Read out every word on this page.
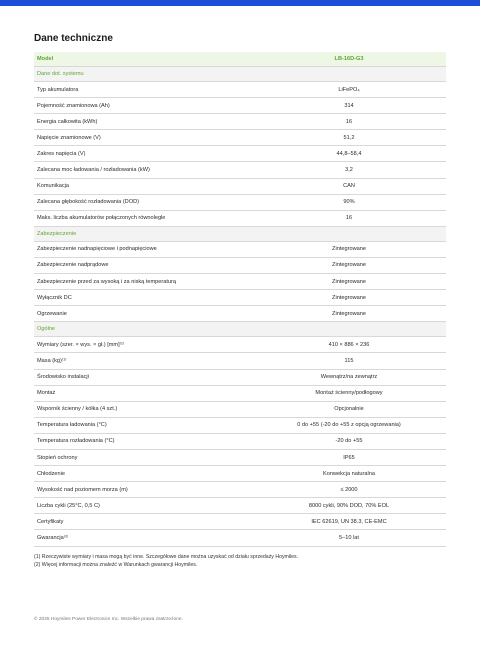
Dane techniczne
Model	LB-16D-G3
Dane dot. systemu	
Typ akumulatora	LiFePO₄
Pojemność znamionowa (Ah)	314
Energia całkowita (kWh)	16
Napięcie znamionowe (V)	51,2
Zakres napięcia (V)	44,8–58,4
Zalecana moc ładowania / rozładowania (kW)	3,2
Komunikacja	CAN
Zalecana głębokość rozładowania (DOD)	90%
Maks. liczba akumulatorów połączonych równolegle	16
Zabezpieczenie	
Zabezpieczenie nadnapięciowe i podnapięciowe	Zintegrowane
Zabezpieczenie nadprądowe	Zintegrowane
Zabezpieczenie przed za wysoką i za niską temperaturą	Zintegrowane
Wyłącznik DC	Zintegrowane
Ogrzewanie	Zintegrowane
Ogólne	
Wymiary (szer. × wys. × gł.) [mm]⁽¹⁾	410 × 886 × 236
Masa (kg)⁽¹⁾	115
Środowisko instalacji	Wewnątrz/na zewnątrz
Montaż	Montaż ścienny/podłogowy
Wspornik ścienny / kółka (4 szt.)	Opcjonalnie
Temperatura ładowania (°C)	0 do +55 (-20 do +55 z opcją ogrzewania)
Temperatura rozładowania (°C)	-20 do +55
Stopień ochrony	IP65
Chłodzenie	Konwekcja naturalna
Wysokość nad poziomem morza (m)	≤ 2000
Liczba cykli (25°C, 0,5 C)	8000 cykli, 90% DOD, 70% EOL
Certyfikaty	IEC 62619, UN 38.3, CE-EMC
Gwarancja⁽²⁾	5–10 lat
(1) Rzeczywiste wymiary i masa mogą być inne. Szczegółowe dane można uzyskać od działu sprzedaży Hoymiles.
(2) Więcej informacji można znaleźć w Warunkach gwarancji Hoymiles.
© 2025 Hoymiles Power Electronics Inc. Wszelkie prawa zastrzeżone.
